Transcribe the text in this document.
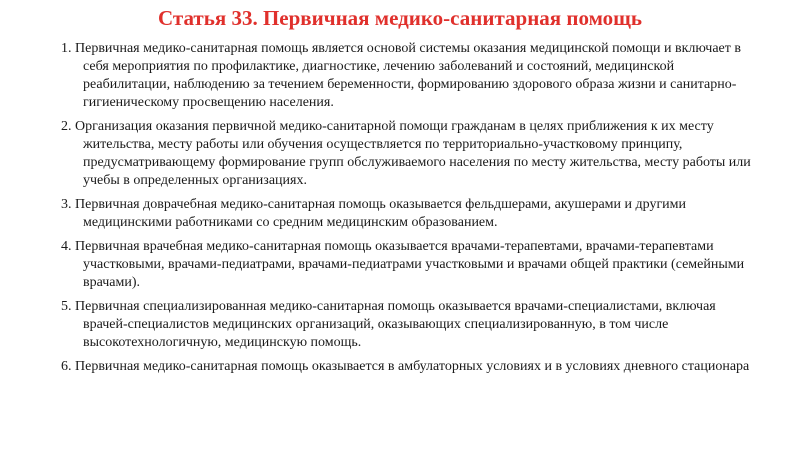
Статья 33. Первичная медико-санитарная помощь

1. Первичная медико-санитарная помощь является основой системы оказания медицинской помощи и включает в себя мероприятия по профилактике, диагностике, лечению заболеваний и состояний, медицинской реабилитации, наблюдению за течением беременности, формированию здорового образа жизни и санитарно-гигиеническому просвещению населения.

2. Организация оказания первичной медико-санитарной помощи гражданам в целях приближения к их месту жительства, месту работы или обучения осуществляется по территориально-участковому принципу, предусматривающему формирование групп обслуживаемого населения по месту жительства, месту работы или учебы в определенных организациях.

3. Первичная доврачебная медико-санитарная помощь оказывается фельдшерами, акушерами и другими медицинскими работниками со средним медицинским образованием.

4. Первичная врачебная медико-санитарная помощь оказывается врачами-терапевтами, врачами-терапевтами участковыми, врачами-педиатрами, врачами-педиатрами участковыми и врачами общей практики (семейными врачами).

5. Первичная специализированная медико-санитарная помощь оказывается врачами-специалистами, включая врачей-специалистов медицинских организаций, оказывающих специализированную, в том числе высокотехнологичную, медицинскую помощь.

6. Первичная медико-санитарная помощь оказывается в амбулаторных условиях и в условиях дневного стационара
